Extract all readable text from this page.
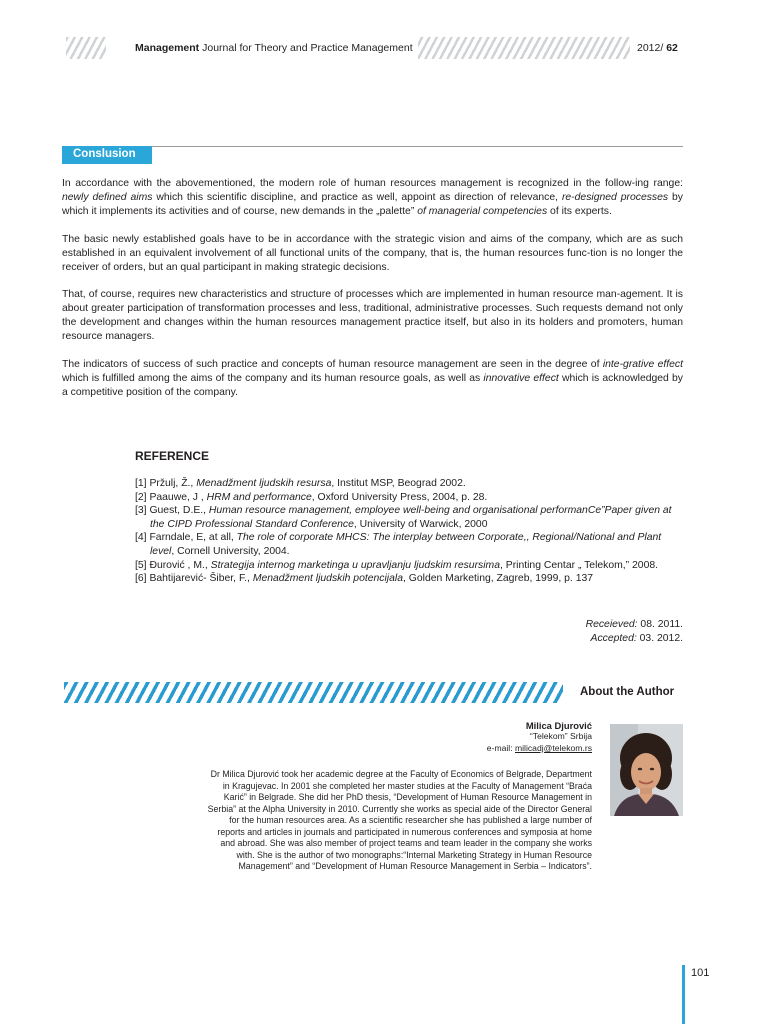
Management Journal for Theory and Practice Management	2012/ 62
Conslusion

In accordance with the abovementioned, the modern role of human resources management is recognized in the follow-ing range: newly defined aims which this scientific discipline, and practice as well, appoint as direction of relevance, re-designed processes by which it implements its activities and of course, new demands in the „palette” of managerial competencies of its experts.

The basic newly established goals have to be in accordance with the strategic vision and aims of the company, which are as such established in an equivalent involvement of all functional units of the company, that is, the human resources func-tion is no longer the receiver of orders, but an qual participant in making strategic decisions.

That, of course, requires new characteristics and structure of processes which are implemented in human resource man-agement. It is about greater participation of transformation processes and less, traditional, administrative processes. Such requests demand not only the development and changes within the human resources management practice itself, but also in its holders and promoters, human resource managers.

The indicators of success of such practice and concepts of human resource management are seen in the degree of inte-grative effect which is fulfilled among the aims of the company and its human resource goals, as well as innovative effect which is acknowledged by a competitive position of the company.

REFERENCE
[1] Pržulj, Ž., Menadžment ljudskih resursa, Institut MSP, Beograd 2002.
[2] Paauwe, J , HRM and performance, Oxford University Press, 2004, p. 28.
[3] Guest, D.E., Human resource management, employee well-being and organisational performanCe”Paper given at the CIPD Professional Standard Conference, University of Warwick, 2000
[4] Farndale, E, at all, The role of corporate MHCS: The interplay between Corporate,, Regional/National and Plant level, Cornell University, 2004.
[5] Đurović , M., Strategija internog marketinga u upravljanju ljudskim resursima, Printing Centar „ Telekom,” 2008.
[6] Bahtijarević- Šiber, F., Menadžment ljudskih potencijala, Golden Marketing, Zagreb, 1999, p. 137
Receieved: 08. 2011.
Accepted: 03. 2012.
About the Author
Milica Djurović
“Telekom” Srbija
e-mail: milicadj@telekom.rs
Dr Milica Djurović took her academic degree at the Faculty of Economics of Belgrade, Department
in Kragujevac. In 2001 she completed her master studies at the Faculty of Management “Braća
Karić” in Belgrade. She did her PhD thesis, “Development of Human Resource Management in
Serbia” at the Alpha University in 2010. Currently she works as special aide of the Director General
for the human resources area. As a scientific researcher she has published a large number of
reports and articles in journals and participated in numerous conferences and symposia at home
and abroad. She was also member of project teams and team leader in the company she works
with. She is the author of two monographs:“Internal Marketing Strategy in Human Resource
Management” and “Development of Human Resource Management in Serbia – Indicators”.
101
